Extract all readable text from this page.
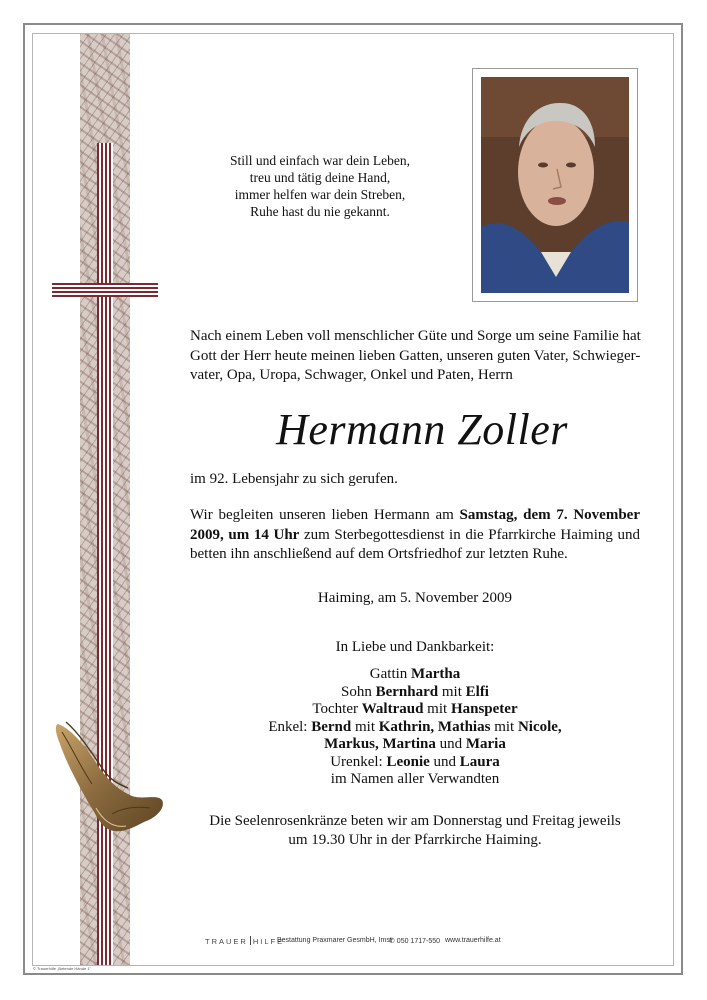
Still und einfach war dein Leben,
treu und tätig deine Hand,
immer helfen war dein Streben,
Ruhe hast du nie gekannt.
Nach einem Leben voll menschlicher Güte und Sorge um seine Familie hat
Gott der Herr heute meinen lieben Gatten, unseren guten Vater, Schwieger-
vater, Opa, Uropa, Schwager, Onkel und Paten, Herrn
Hermann Zoller
im 92. Lebensjahr zu sich gerufen.
Wir begleiten unseren lieben Hermann am Samstag, dem 7. November
2009, um 14 Uhr zum Sterbegottesdienst in die Pfarrkirche Haiming und
betten ihn anschließend auf dem Ortsfriedhof zur letzten Ruhe.
Haiming, am 5. November 2009
In Liebe und Dankbarkeit:
Gattin Martha
Sohn Bernhard mit Elfi
Tochter Waltraud mit Hanspeter
Enkel: Bernd mit Kathrin, Mathias mit Nicole,
Markus, Martina und Maria
Urenkel: Leonie und Laura
im Namen aller Verwandten
Die Seelenrosenkränze beten wir am Donnerstag und Freitag jeweils
um 19.30 Uhr in der Pfarrkirche Haiming.
TRAUER HILFE
Bestattung Praxmarer GesmbH, Imst
✆ 050 1717-550 www.trauerhilfe.at
© Trauerhilfe „Betende Hände 1"
